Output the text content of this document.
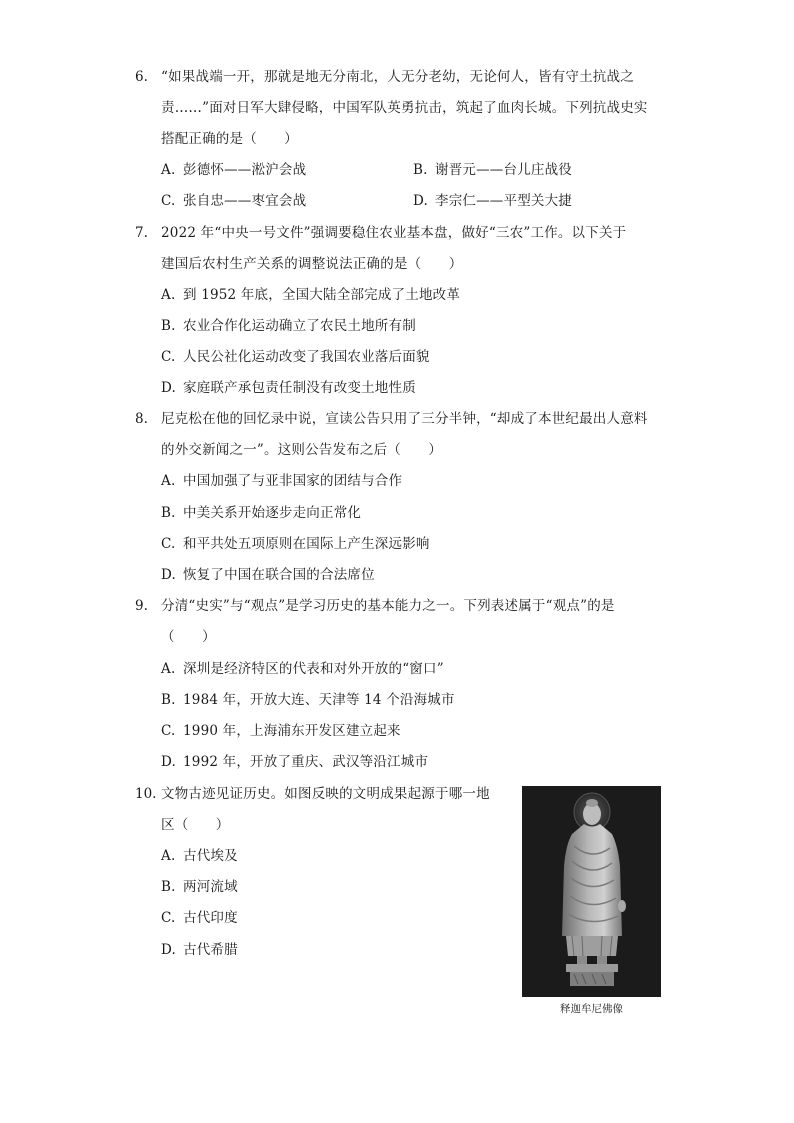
6. “如果战端一开，那就是地无分南北，人无分老幼，无论何人，皆有守土抗战之
责……”面对日军大肆侵略，中国军队英勇抗击，筑起了血肉长城。下列抗战史实
搭配正确的是（　　）
A. 彭德怀——淞沪会战	B. 谢晋元——台儿庄战役
C. 张自忠——枣宜会战	D. 李宗仁——平型关大捷
7. 2022 年“中央一号文件”强调要稳住农业基本盘，做好“三农”工作。以下关于
建国后农村生产关系的调整说法正确的是（　　）
A. 到 1952 年底，全国大陆全部完成了土地改革
B. 农业合作化运动确立了农民土地所有制
C. 人民公社化运动改变了我国农业落后面貌
D. 家庭联产承包责任制没有改变土地性质
8. 尼克松在他的回忆录中说，宣读公告只用了三分半钟，“却成了本世纪最出人意料
的外交新闻之一”。这则公告发布之后（　　）
A. 中国加强了与亚非国家的团结与合作
B. 中美关系开始逐步走向正常化
C. 和平共处五项原则在国际上产生深远影响
D. 恢复了中国在联合国的合法席位
9. 分清“史实”与“观点”是学习历史的基本能力之一。下列表述属于“观点”的是
（　　）
A. 深圳是经济特区的代表和对外开放的“窗口”
B. 1984 年，开放大连、天津等 14 个沿海城市
C. 1990 年，上海浦东开发区建立起来
D. 1992 年，开放了重庆、武汉等沿江城市
10. 文物古迹见证历史。如图反映的文明成果起源于哪一地
区（　　）
A. 古代埃及
B. 两河流域
C. 古代印度
D. 古代希腊
释迦牟尼佛像
